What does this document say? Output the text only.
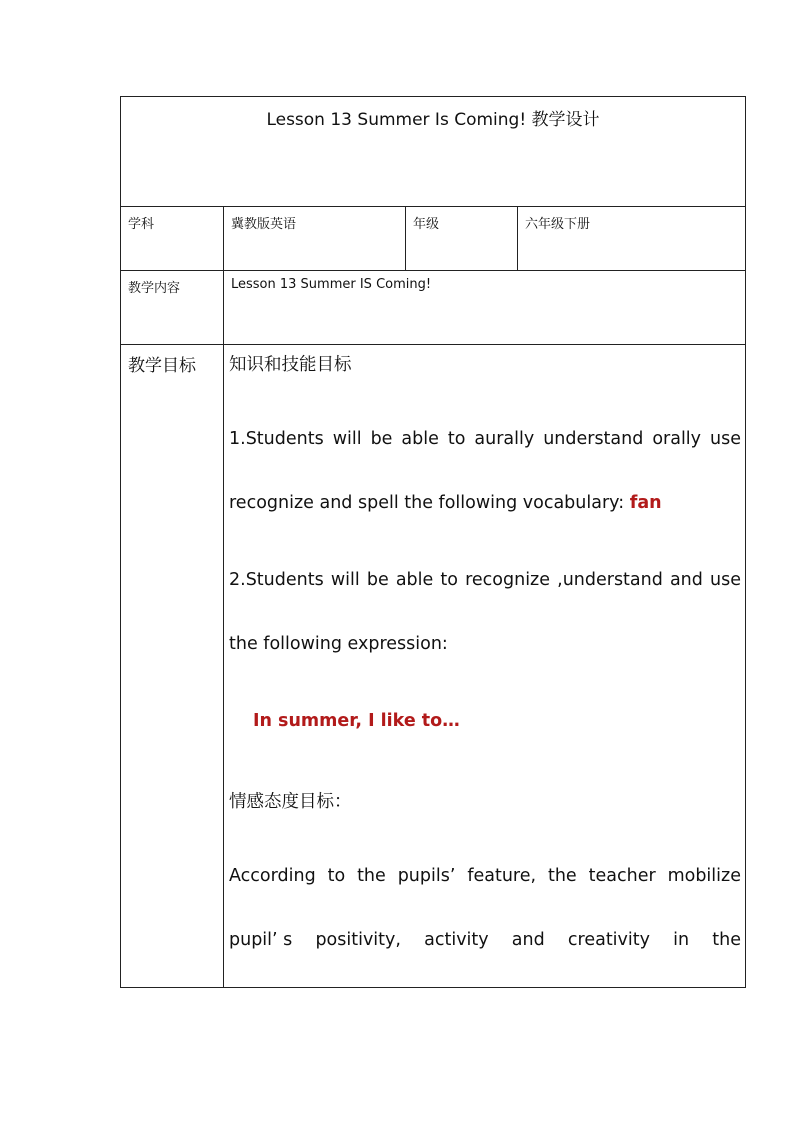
Lesson 13 Summer Is Coming! 教学设计
学科	冀教版英语	年级	六年级下册
教学内容	Lesson 13 Summer IS Coming!
教学目标	知识和技能目标
1.Students will be able to aurally understand orally use
recognize and spell the following vocabulary: fan
2.Students will be able to recognize ,understand and use
the following expression:
In summer, I like to…
情感态度目标：
According to the pupils’ feature, the teacher mobilize
pupil’ s positivity, activity and creativity in the
